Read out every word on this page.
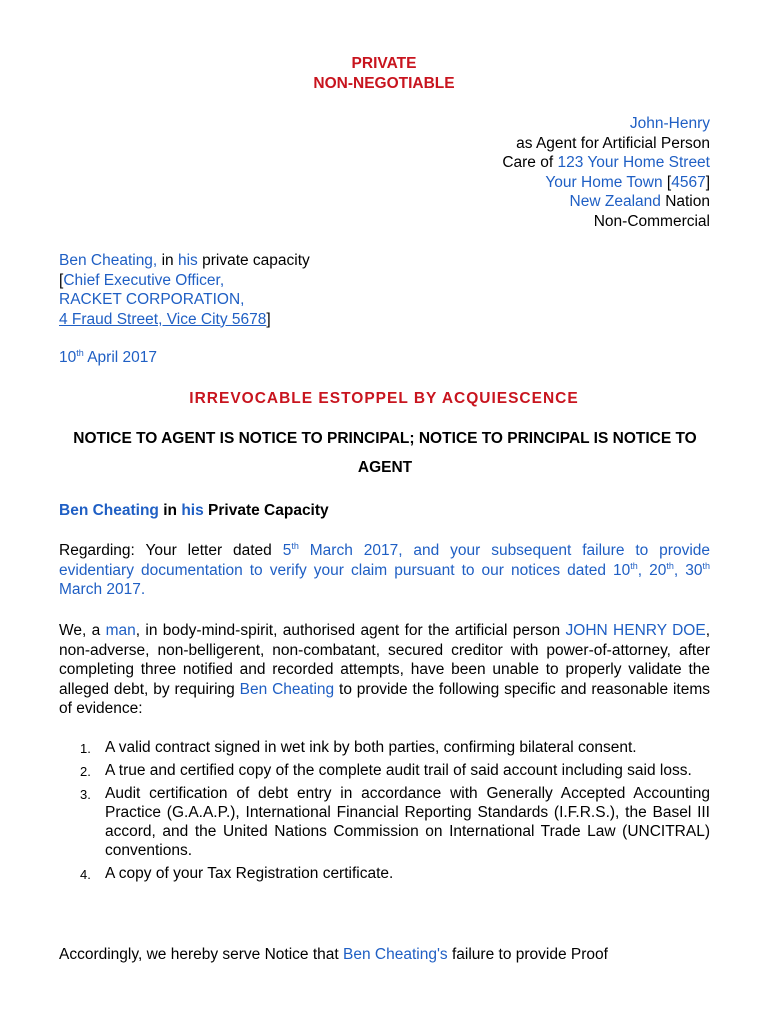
PRIVATE
NON-NEGOTIABLE
John-Henry
as Agent for Artificial Person
Care of 123 Your Home Street
Your Home Town [4567]
New Zealand Nation
Non-Commercial
Ben Cheating, in his private capacity
[Chief Executive Officer,
RACKET CORPORATION,
4 Fraud Street, Vice City 5678]
10th April 2017
IRREVOCABLE ESTOPPEL BY ACQUIESCENCE
NOTICE TO AGENT IS NOTICE TO PRINCIPAL; NOTICE TO PRINCIPAL IS NOTICE TO AGENT
Ben Cheating in his Private Capacity
Regarding: Your letter dated 5th March 2017, and your subsequent failure to provide evidentiary documentation to verify your claim pursuant to our notices dated 10th, 20th, 30th March 2017.
We, a man, in body-mind-spirit, authorised agent for the artificial person JOHN HENRY DOE, non-adverse, non-belligerent, non-combatant, secured creditor with power-of-attorney, after completing three notified and recorded attempts, have been unable to properly validate the alleged debt, by requiring Ben Cheating to provide the following specific and reasonable items of evidence:
1. A valid contract signed in wet ink by both parties, confirming bilateral consent.
2. A true and certified copy of the complete audit trail of said account including said loss.
3. Audit certification of debt entry in accordance with Generally Accepted Accounting Practice (G.A.A.P.), International Financial Reporting Standards (I.F.R.S.), the Basel III accord, and the United Nations Commission on International Trade Law (UNCITRAL) conventions.
4. A copy of your Tax Registration certificate.
Accordingly, we hereby serve Notice that Ben Cheating's failure to provide Proof
